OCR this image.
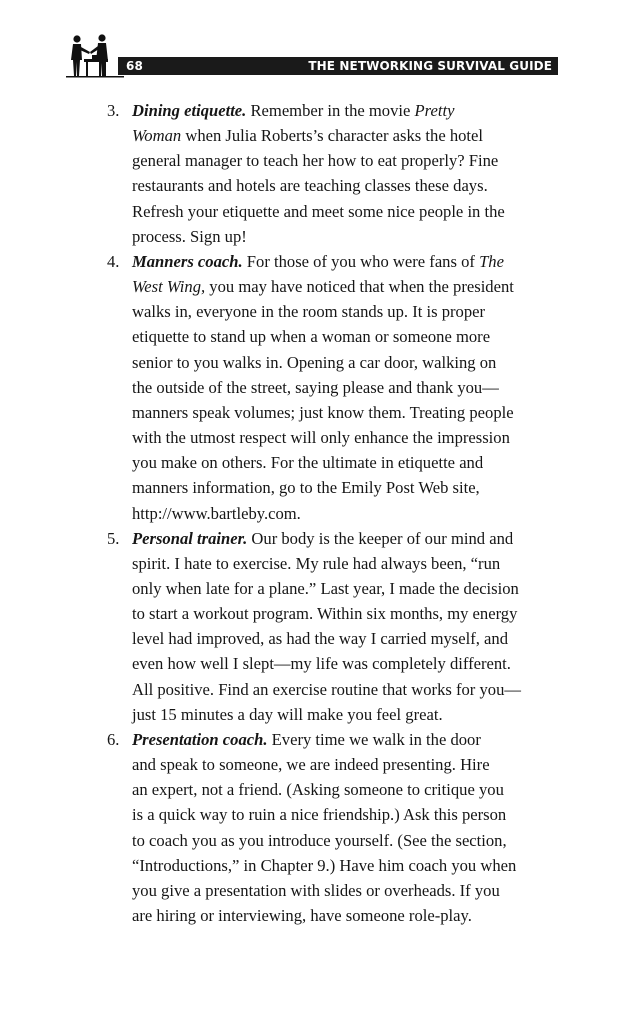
68	THE NETWORKING SURVIVAL GUIDE
3. Dining etiquette. Remember in the movie Pretty
Woman when Julia Roberts’s character asks the hotel
general manager to teach her how to eat properly? Fine
restaurants and hotels are teaching classes these days.
Refresh your etiquette and meet some nice people in the
process. Sign up!
4. Manners coach. For those of you who were fans of The
West Wing, you may have noticed that when the president
walks in, everyone in the room stands up. It is proper
etiquette to stand up when a woman or someone more
senior to you walks in. Opening a car door, walking on
the outside of the street, saying please and thank you—
manners speak volumes; just know them. Treating people
with the utmost respect will only enhance the impression
you make on others. For the ultimate in etiquette and
manners information, go to the Emily Post Web site,
http://www.bartleby.com.
5. Personal trainer. Our body is the keeper of our mind and
spirit. I hate to exercise. My rule had always been, “run
only when late for a plane.” Last year, I made the decision
to start a workout program. Within six months, my energy
level had improved, as had the way I carried myself, and
even how well I slept—my life was completely different.
All positive. Find an exercise routine that works for you—
just 15 minutes a day will make you feel great.
6. Presentation coach. Every time we walk in the door
and speak to someone, we are indeed presenting. Hire
an expert, not a friend. (Asking someone to critique you
is a quick way to ruin a nice friendship.) Ask this person
to coach you as you introduce yourself. (See the section,
“Introductions,” in Chapter 9.) Have him coach you when
you give a presentation with slides or overheads. If you
are hiring or interviewing, have someone role-play.
